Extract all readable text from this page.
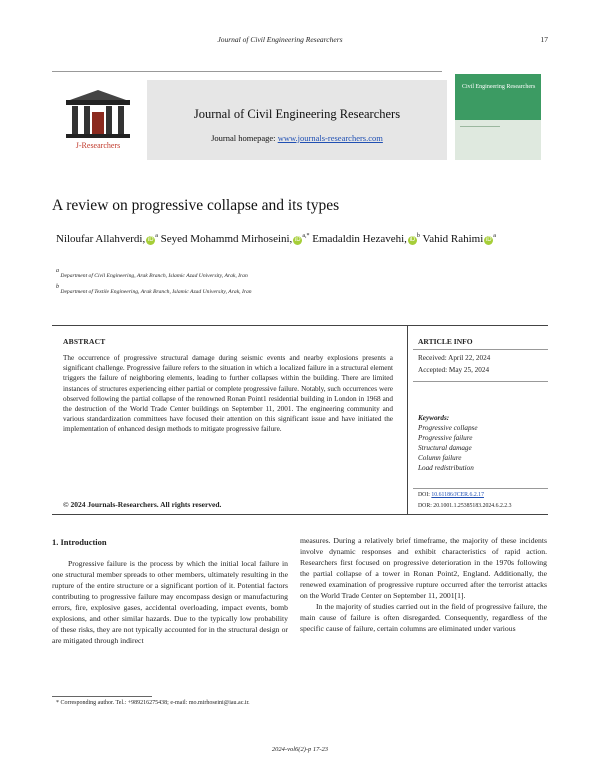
Journal of Civil Engineering Researchers	17
J-Researchers
Journal of Civil Engineering Researchers
Journal homepage: www.journals-researchers.com
Civil Engineering Researchers
A review on progressive collapse and its types
Niloufar Allahverdi, $iD^a$ Seyed Mohammd Mirhoseini, $iD^{a,*}$ Emadaldin Hezavehi, $iD^b$ Vahid Rahimi $iD^a$
a Department of Civil Engineering, Arak Branch, Islamic Azad University, Arak, Iran
b Department of Textile Engineering, Arak Branch, Islamic Azad University, Arak, Iran
ABSTRACT
The occurrence of progressive structural damage during seismic events and nearby explosions presents a significant challenge. Progressive failure refers to the situation in which a localized failure in a structural element triggers the failure of neighboring elements, leading to further collapses within the building. There are limited instances of structures experiencing either partial or complete progressive failure. Notably, such occurrences were observed following the partial collapse of the renowned Ronan Point1 residential building in London in 1968 and the destruction of the World Trade Center buildings on September 11, 2001. The engineering community and various standardization committees have focused their attention on this significant issue and have initiated the implementation of enhanced design methods to mitigate progressive failure.
ARTICLE INFO
Received: April 22, 2024
Accepted: May 25, 2024
Keywords:
Progressive collapse
Progressive failure
Structural damage
Column failure
Load redistribution
DOI: 10.61186/JCER.6.2.17
DOR: 20.1001.1.25385183.2024.6.2.2.3
© 2024 Journals-Researchers. All rights reserved.
1. Introduction

Progressive failure is the process by which the initial local failure in one structural member spreads to other members, ultimately resulting in the rupture of the entire structure or a significant portion of it. Potential factors contributing to progressive failure may encompass design or manufacturing errors, fire, explosive gases, accidental overloading, impact events, bomb explosions, and other similar hazards. Due to the typically low probability of these risks, they are not typically accounted for in the structural design or are mitigated through indirect

measures. During a relatively brief timeframe, the majority of these incidents involve dynamic responses and exhibit characteristics of rapid action. Researchers first focused on progressive deterioration in the 1970s following the partial collapse of a tower in Ronan Point2, England. Additionally, the renewed examination of progressive rupture occurred after the terrorist attacks on the World Trade Center on September 11, 2001[1].

In the majority of studies carried out in the field of progressive failure, the main cause of failure is often disregarded. Consequently, regardless of the specific cause of failure, certain columns are eliminated under various

* Corresponding author. Tel.: +989216275438; e-mail: mo.mirhoseini@iau.ac.ir.
2024-vol6(2)-p 17-23
